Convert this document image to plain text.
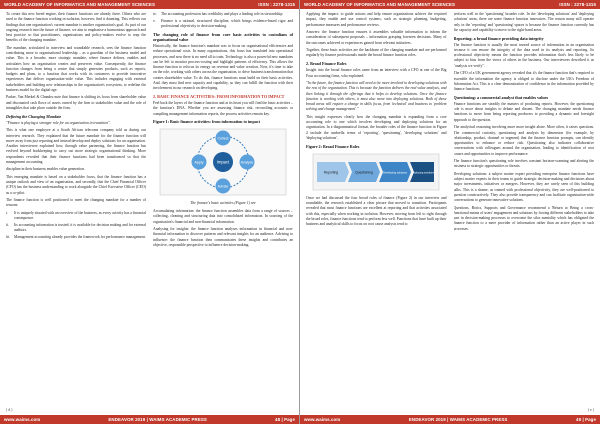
WORLD ACADEMY OF INFORMATICS AND MANAGEMENT SCIENCES	ISSN : 2278-1315

To create this new breed engine, their finance functions are already there. Others who are used to the finance function working in isolation, however, find it daunting. This reflects our findings that one organisation's current mandate is another organisation's goal. As part of our ongoing research into the future of finance, we aim to emphasise a harmonious approach and best practice so that practitioners, organisations and policy-makers evolve to reap the benefits of the changing mandate.

The mandate, articulated in interview and roundtable research, sees the finance function contributing more to organisational leadership – as a guardian of the business model and value. This is a broader, more strategic mandate, where finance defines, enables and articulates how an organisation creates and preserves value. Consequently, the finance function changes from being a centre that simply generates products, such as reports, budgets and plans, to a function that works with its customers to provide innovative experiences that deliver organisation-wide value. This includes engaging with external stakeholders and building new relationships in the organisation's ecosystem, to redefine the business model for the digital age.

Parker, Van Merkel & Chandru note that finance is shifting its focus from shareholder value and discounted cash flows of assets owned by the firm to stakeholder value and the role of intangibles that take place outside the firm.

Defining the Changing Mandate

"Finance is playing a stronger role for an organisation in transition".

This is what one employee at a South African telecoms company told us during our interview research. They explained that the future mandate for the finance function will move away from just reporting and instead develop and deploy solutions for an organisation. Another interviewee explained how, through value partnering, the finance function has evolved beyond bookkeeping to carry out more strategic organisational thinking. More respondents revealed that their finance functions had been transformed so that the management accounting

discipline in their business enables value generation.

This emerging mandate is based on a stakeholder focus, that the finance function has a unique outlook and view of an organisation, and secondly, that the Chief Financial Officer (CFO) has the business understanding to work alongside the Chief Executive Officer (CEO) as a co-pilot.

The finance function is well positioned to meet the changing mandate for a number of reasons:

i.	It is uniquely situated with an overview of the business, as every activity has a financial consequence.
ii.	Its accounting information is trusted; it is available for decision making and for external auditors.
iii.	Management accounting already provides the framework for performance management.
iv.	The accounting profession has credibility and plays a leading role in stewardship.
v.	Finance is a rational, structured discipline, which brings evidence-based rigor and professional objectivity to decision-making.
The changing role of finance from core basic activities to custodians of organisational value

Historically, the finance function's mandate was to focus on organisational efficiencies and reduce operational costs. In many organisations, this focus has translated into operational processes, and now there is no need all to train. Technology is also a powerful new mandates can be left to monitor process-costing and highlight patterns of efficiency. This allows the finance function to refocus its energy on revenue and value creation. Now, it's time to take on the role, working with others across the organisation, to drive business transformation that creates shareholder value. To do this, finance functions must build on their basic activities. And, they must find new capacity and capability, so they can fulfill the function with their involvement in our research on developing.

2. BASIC FINANCE ACTIVITIES: FROM INFORMATION TO IMPACT

Feel back the layers of the finance function and at its heart you will find the basic activities – the function's DNA. Whether you are assessing finance risk, reconciling accounts or compiling management information reports, the process activities remain key.

Figure 1: Basic finance activities: from information to impact
Impact
Collect
Analyse
Advise
Apply

The finance's basic activities (Figure 1) are

Accumulating information: the finance function assembles data from a range of sources – collecting, cleaning and structuring data into consolidated information. In sourcing of the organisation's financial and non-financial information.

Analysing for insights: the finance function analyses information in financial and non-financial information to discover patterns and relevant insights for an audience. Advising to influence: the finance function then communicates these insights and contributes an objective, responsible perspective to influence decision-making.

( d )
www.waims.com	ENDEAVOR 2019 | WAIMS ACADEMIC PRESS	48 | Page
WORLD ACADEMY OF INFORMATICS AND MANAGEMENT SCIENCES	ISSN : 2278-1315

Applying the impact: to guide actions and help ensure organisations achieve the required impact, they enable and use control systems, such as strategic planning, budgeting, performance measures and performance reviews.

Answers: the finance function ensures it assembles valuable information to inform the consideration of subsequent proposals – information grasping foreseen decisions. Many of the outcomes achieved or experiences gained from relevant initiatives.

Together, these basic activities are the backbone of the changing mandate and are performed regularly by finance professionals inside the broad finance function roles.

2. Broad Finance Roles

Insight into the broad finance roles came from an interview with a CFO at one of the Big Four accounting firms, who explained:

"In the future, the finance function will need to be more involved in developing solutions with the rest of the organisation. This is because the function delivers the real value analysis, and then linking it through the offerings that it helps to develop solutions. Once the finance function is working with others, it must also move into deploying solutions. Both of those broad areas will require a change in skills focus, from 'technical' and business to 'problem solving and change management'."

This insight expresses clearly how the changing mandate is expanding from a core accounting role to one which involves developing and deploying solutions for an organisation. In a diagrammatical format, the broader roles of the finance function in Figure 2 include the umbrella terms of 'reporting', 'questioning', 'developing solutions' and 'deploying solutions'.

Figure 2: Broad Finance Roles
Reporting	Questioning	Developing solutions Deploying solutions

Once we had discussed the four broad roles of finance (Figure 2) in our interview and roundtable, the research established a clear picture that moved to transition. Participants revealed that most finance functions are excellent at reporting and that activities associated with this, especially when working in isolation. However, moving from left to right through the broad roles, finance functions tend to perform less well. Functions that have built up their business and analytical skills to focus on root cause analysis tend to

perform well in the 'questioning' broader role. In the 'developing solutions' and 'deploying solutions' areas, there are some finance function innovators. The reason many still operate only in the 'reporting' and 'questioning' spaces is because the finance function currently has the capacity and capability to move to the right-hand areas.

Reporting: a broad finance providing data integrity

The finance function is usually the most trusted source of information in an organisation because it can ensure the integrity of the data used in its analysis and reporting. Its professional objectivity means the function provides information that's less likely to be subject to bias from the views of others in the business. Our interviewees described it as "analysis we verify".

The CFO of a UK government agency revealed that it's the finance function that's required to assemble the information the agency is obliged to disclose under the UK's Freedom of Information Act. This is a clear demonstration of confidence in the information provided by finance functions.

Questioning: a commercial analyst that enables values

Finance functions are steadily the masters of producing reports. However, the questioning role is more about insights to debate and dissent. The changing mandate needs finance functions to move from being reporting producers to providing a dynamic and foresight approach to the question.

The analytical reasoning involving more more insight alone. More often, it raises questions. The commercial curiosity, questioning and analysis by dimension (for example, by relationship, product, channel or segment) that the finance function prompts, can identify opportunities to enhance or reduce risk. Questioning also indicates collaborative conversations with colleagues around the organisation, leading to identification of root causes and opportunities to improve performance.

The finance function's questioning role involves constant horizon-scanning and alerting the business to strategic opportunities or threats.

Developing solutions: a subject matter expert providing enterprise finance functions have subject matter experts in their teams to guide strategic decision-making and decisions about major investments, initiatives or mergers. However, they are rarely seen of this building talks. This is a shame, as trained with professional objectivity, they are well-positioned to question constructively. They also provide transparency and can facilitate organisation-wide conversations to generate innovative solutions.

Questions, Botics, Supports and Governance recommend a 'Return to Being a cross-functional means of users' engagement and solutions by forcing different stakeholders to take part in decision-making processes to overcome the silos mentality which has obligated the finance function to a mere provider of information rather than an active player in such processes.

( e )
www.waims.com	ENDEAVOR 2019 | WAIMS ACADEMIC PRESS	49 | Page
